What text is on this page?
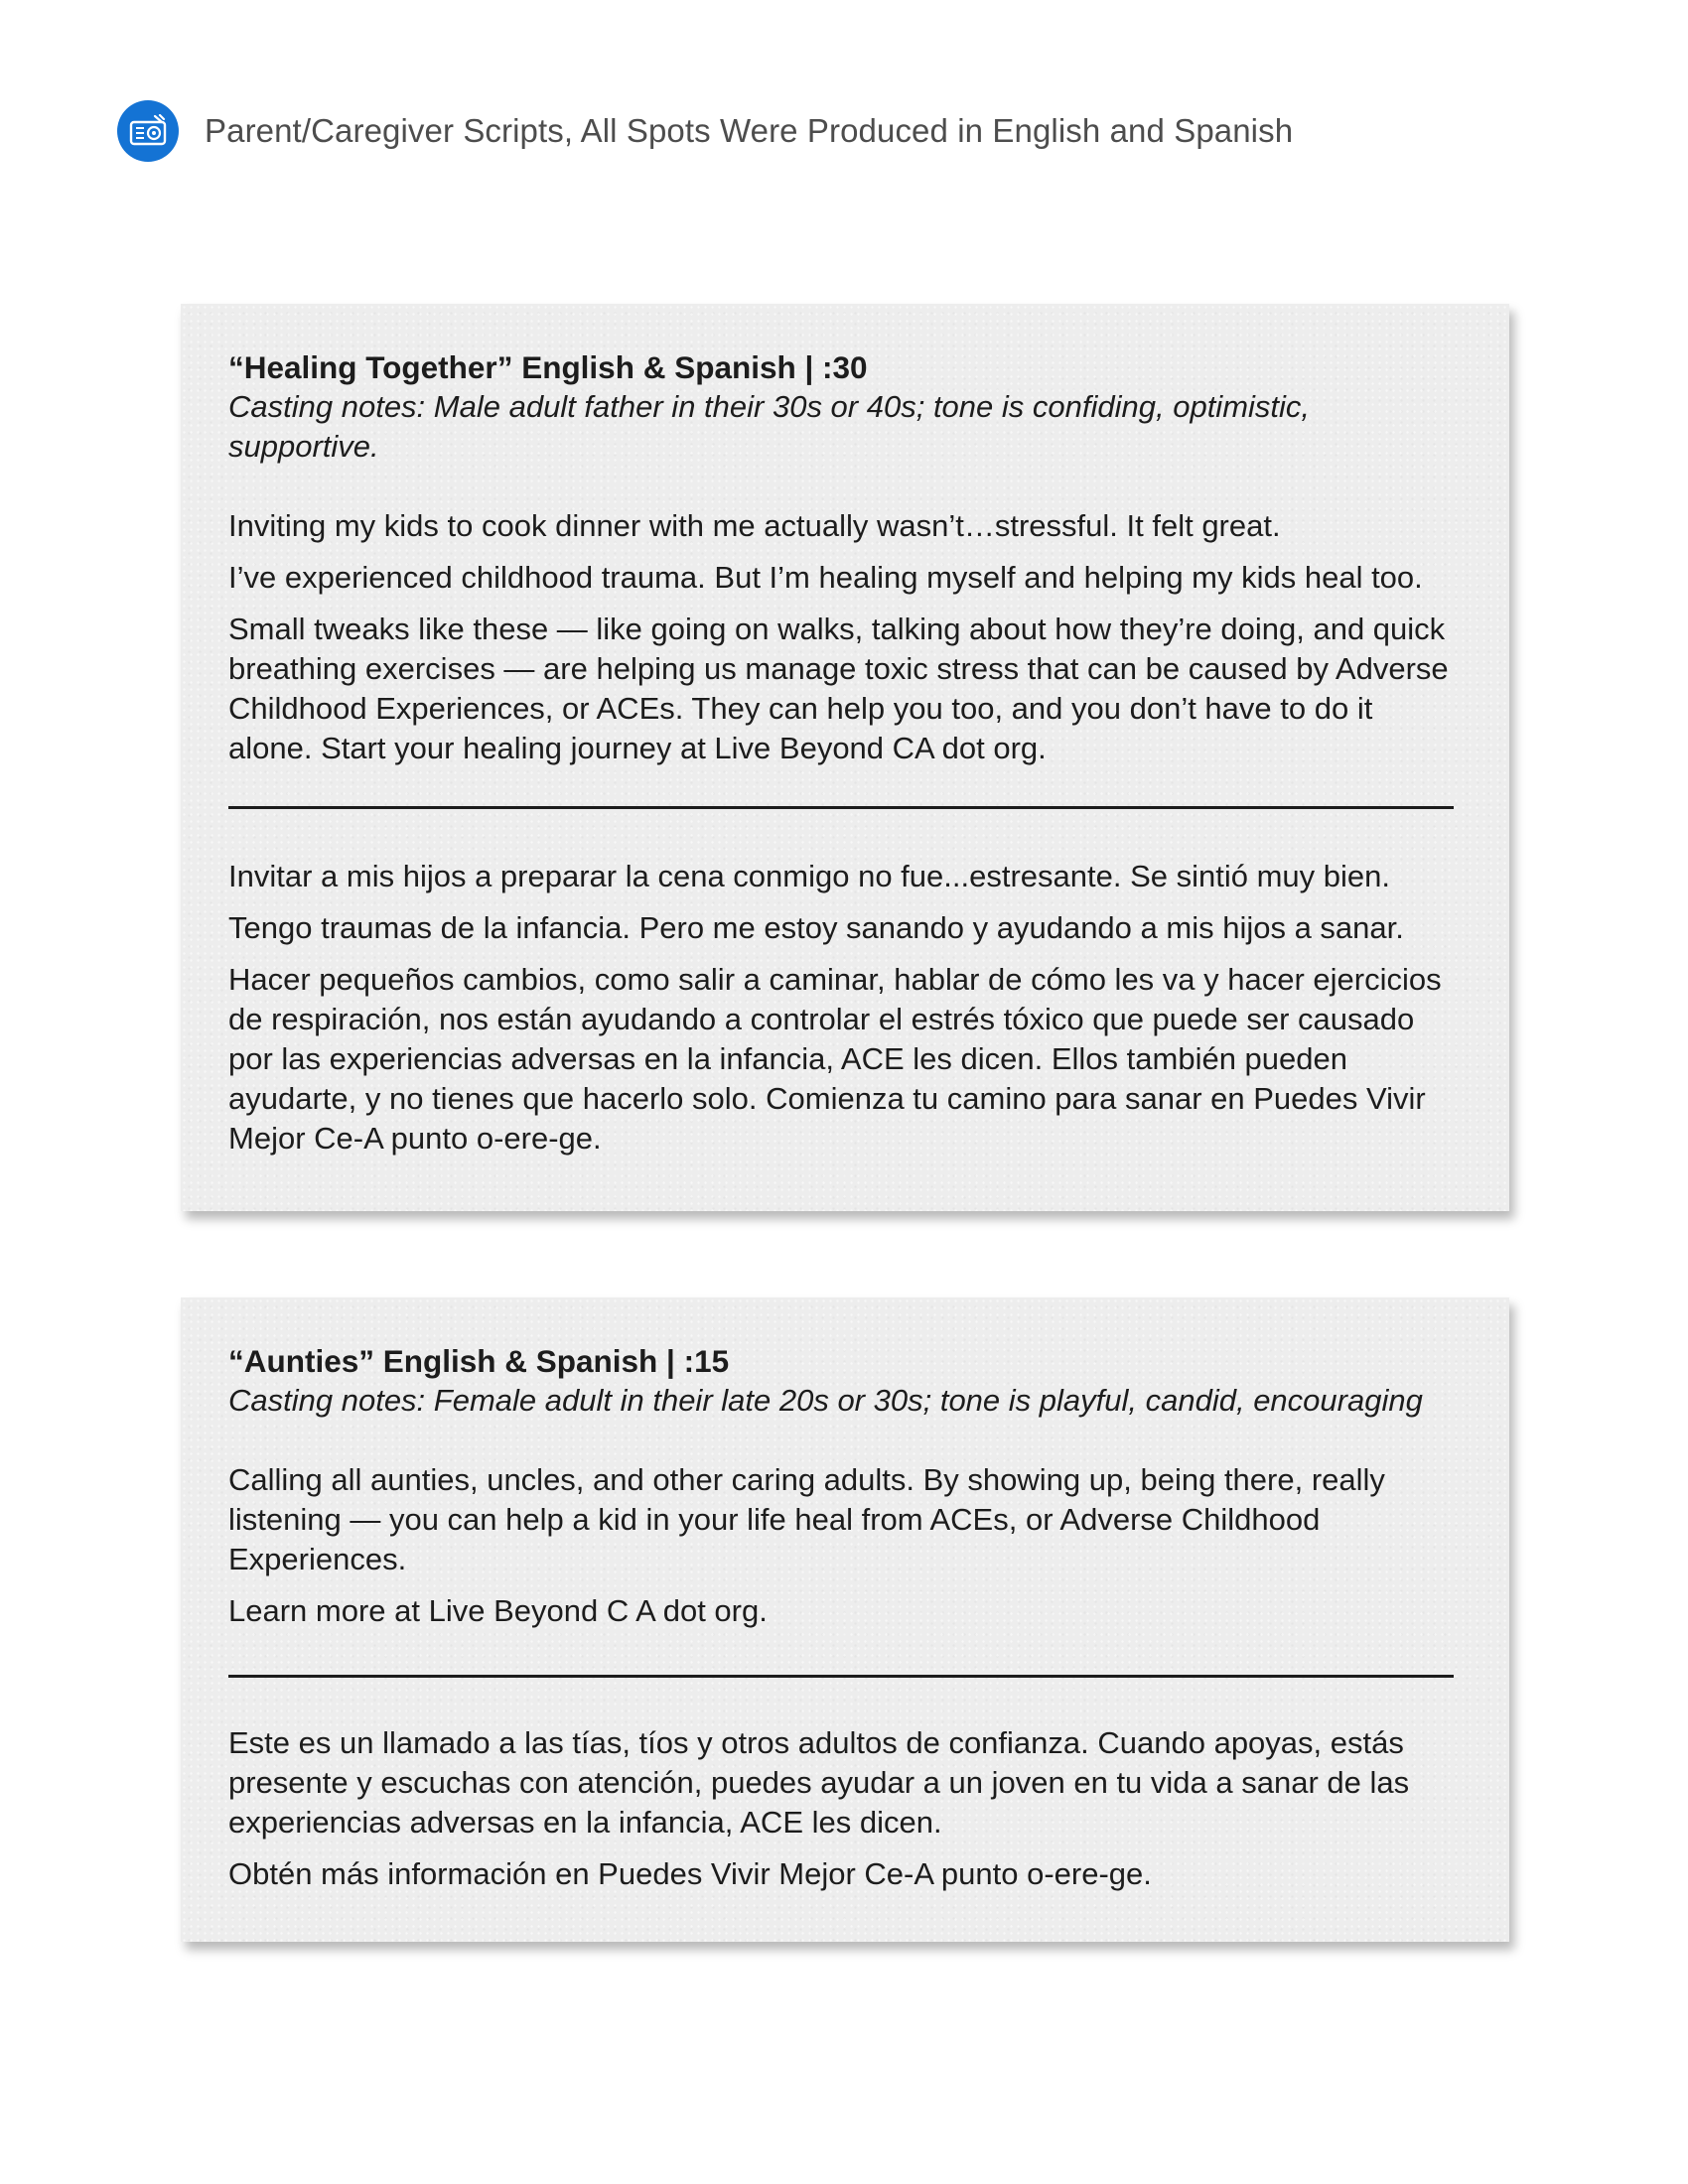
Parent/Caregiver Scripts, All Spots Were Produced in English and Spanish

“Healing Together” English & Spanish | :30

Casting notes: Male adult father in their 30s or 40s; tone is confiding, optimistic, supportive.

Inviting my kids to cook dinner with me actually wasn’t…stressful. It felt great.

I’ve experienced childhood trauma. But I’m healing myself and helping my kids heal too.

Small tweaks like these — like going on walks, talking about how they’re doing, and quick breathing exercises — are helping us manage toxic stress that can be caused by Adverse Childhood Experiences, or ACEs. They can help you too, and you don’t have to do it alone. Start your healing journey at Live Beyond CA dot org.

Invitar a mis hijos a preparar la cena conmigo no fue...estresante. Se sintió muy bien.

Tengo traumas de la infancia. Pero me estoy sanando y ayudando a mis hijos a sanar.

Hacer pequeños cambios, como salir a caminar, hablar de cómo les va y hacer ejercicios de respiración, nos están ayudando a controlar el estrés tóxico que puede ser causado por las experiencias adversas en la infancia, ACE les dicen. Ellos también pueden ayudarte, y no tienes que hacerlo solo. Comienza tu camino para sanar en Puedes Vivir Mejor Ce-A punto o-ere-ge.

“Aunties” English & Spanish | :15

Casting notes: Female adult in their late 20s or 30s; tone is playful, candid, encouraging

Calling all aunties, uncles, and other caring adults. By showing up, being there, really listening — you can help a kid in your life heal from ACEs, or Adverse Childhood Experiences.

Learn more at Live Beyond C A dot org.

Este es un llamado a las tías, tíos y otros adultos de confianza. Cuando apoyas, estás presente y escuchas con atención, puedes ayudar a un joven en tu vida a sanar de las experiencias adversas en la infancia, ACE les dicen.

Obtén más información en Puedes Vivir Mejor Ce-A punto o-ere-ge.
